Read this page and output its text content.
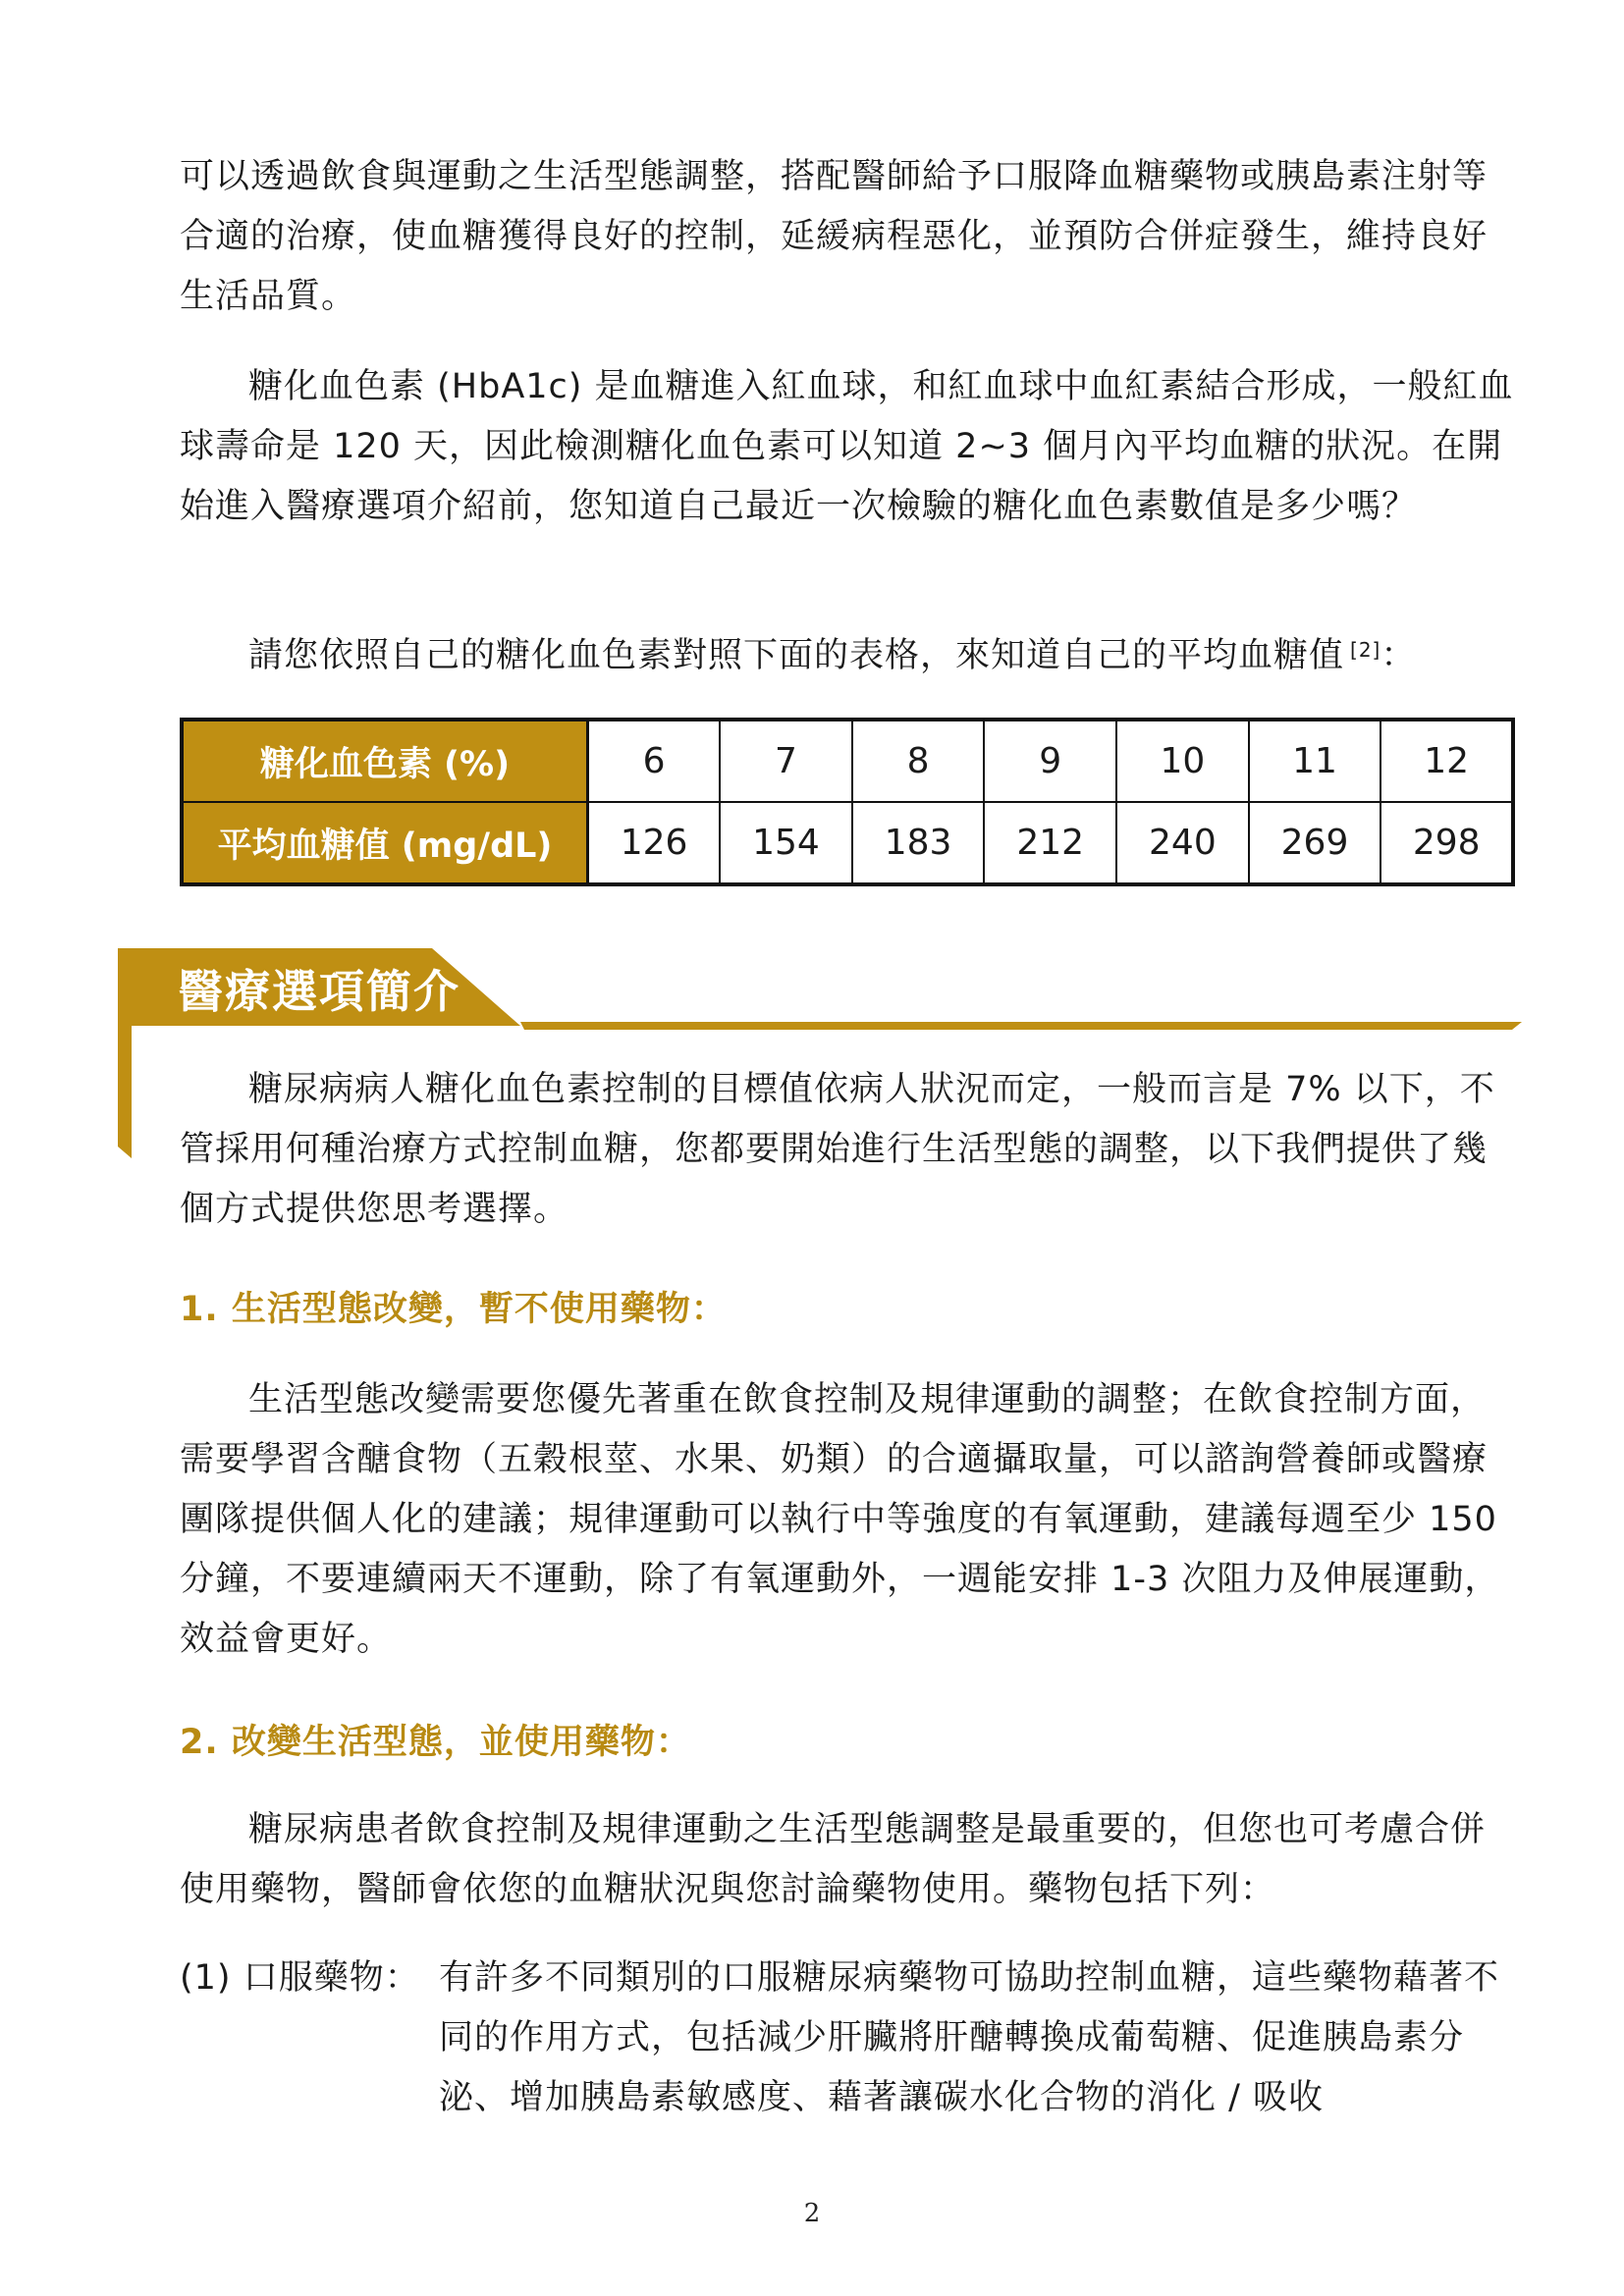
可以透過飲食與運動之生活型態調整，搭配醫師給予口服降血糖藥物或胰島素注射等合適的治療，使血糖獲得良好的控制，延緩病程惡化，並預防合併症發生，維持良好生活品質。

糖化血色素 (HbA1c) 是血糖進入紅血球，和紅血球中血紅素結合形成，一般紅血球壽命是 120 天，因此檢測糖化血色素可以知道 2~3 個月內平均血糖的狀況。在開始進入醫療選項介紹前，您知道自己最近一次檢驗的糖化血色素數值是多少嗎？

請您依照自己的糖化血色素對照下面的表格，來知道自己的平均血糖值 [2]：

糖化血色素 (%)	6	7	8	9	10	11	12
平均血糖值 (mg/dL)	126	154	183	212	240	269	298
醫療選項簡介

糖尿病病人糖化血色素控制的目標值依病人狀況而定，一般而言是 7% 以下，不管採用何種治療方式控制血糖，您都要開始進行生活型態的調整，以下我們提供了幾個方式提供您思考選擇。

1. 生活型態改變，暫不使用藥物：

生活型態改變需要您優先著重在飲食控制及規律運動的調整；在飲食控制方面，需要學習含醣食物（五穀根莖、水果、奶類）的合適攝取量，可以諮詢營養師或醫療團隊提供個人化的建議；規律運動可以執行中等強度的有氧運動，建議每週至少 150 分鐘，不要連續兩天不運動，除了有氧運動外，一週能安排 1-3 次阻力及伸展運動，效益會更好。

2. 改變生活型態，並使用藥物：

糖尿病患者飲食控制及規律運動之生活型態調整是最重要的，但您也可考慮合併使用藥物，醫師會依您的血糖狀況與您討論藥物使用。藥物包括下列：

(1) 口服藥物： 有許多不同類別的口服糖尿病藥物可協助控制血糖，這些藥物藉著不同的作用方式，包括減少肝臟將肝醣轉換成葡萄糖、促進胰島素分泌、增加胰島素敏感度、藉著讓碳水化合物的消化 / 吸收

2
